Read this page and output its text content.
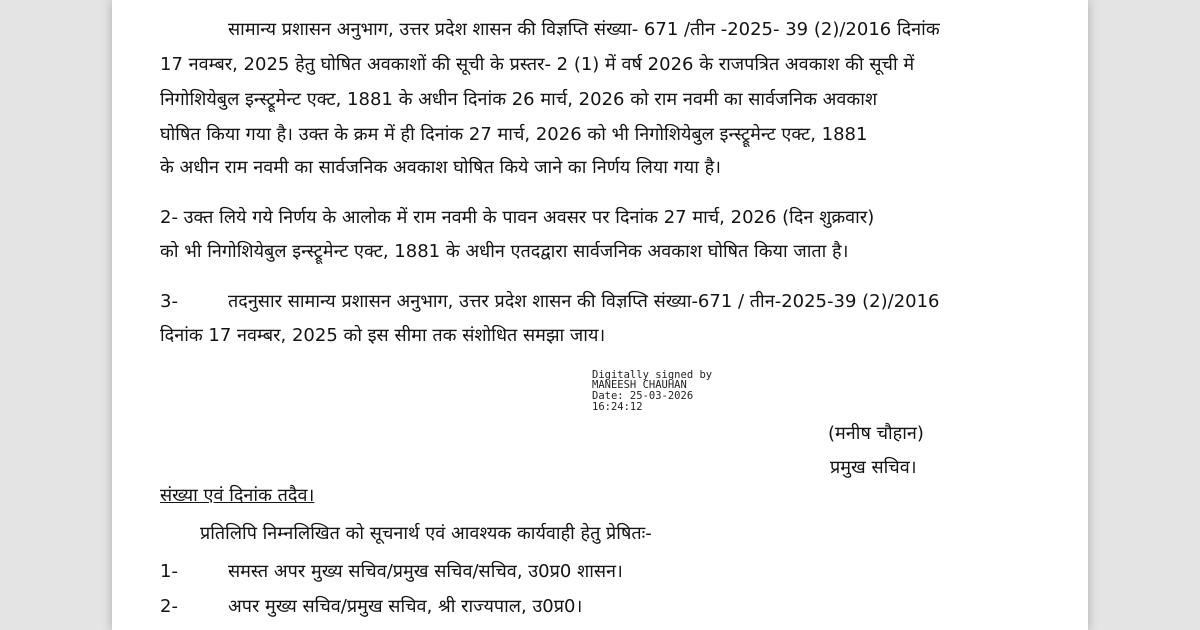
सामान्य प्रशासन अनुभाग, उत्तर प्रदेश शासन की विज्ञप्ति संख्या- 671 /तीन -2025- 39 (2)/2016 दिनांक
17 नवम्बर, 2025 हेतु घोषित अवकाशों की सूची के प्रस्तर- 2 (1) में वर्ष 2026 के राजपत्रित अवकाश की सूची में
निगोशियेबुल इन्स्ट्रूमेन्ट एक्ट, 1881 के अधीन दिनांक 26 मार्च, 2026 को राम नवमी का सार्वजनिक अवकाश
घोषित किया गया है। उक्त के क्रम में ही दिनांक 27 मार्च, 2026 को भी निगोशियेबुल इन्स्ट्रूमेन्ट एक्ट, 1881
के अधीन राम नवमी का सार्वजनिक अवकाश घोषित किये जाने का निर्णय लिया गया है।
2- उक्त लिये गये निर्णय के आलोक में राम नवमी के पावन अवसर पर दिनांक 27 मार्च, 2026 (दिन शुक्रवार)
को भी निगोशियेबुल इन्स्ट्रूमेन्ट एक्ट, 1881 के अधीन एतदद्वारा सार्वजनिक अवकाश घोषित किया जाता है।
3-	तदनुसार सामान्य प्रशासन अनुभाग, उत्तर प्रदेश शासन की विज्ञप्ति संख्या-671 / तीन-2025-39 (2)/2016
दिनांक 17 नवम्बर, 2025 को इस सीमा तक संशोधित समझा जाय।
Digitally signed by
MANEESH CHAUHAN
Date: 25-03-2026
16:24:12
(मनीष चौहान)
प्रमुख सचिव।
संख्या एवं दिनांक तदैव।
प्रतिलिपि निम्नलिखित को सूचनार्थ एवं आवश्यक कार्यवाही हेतु प्रेषितः-
1-	समस्त अपर मुख्य सचिव/प्रमुख सचिव/सचिव, उ0प्र0 शासन।
2-	अपर मुख्य सचिव/प्रमुख सचिव, श्री राज्यपाल, उ0प्र0।
